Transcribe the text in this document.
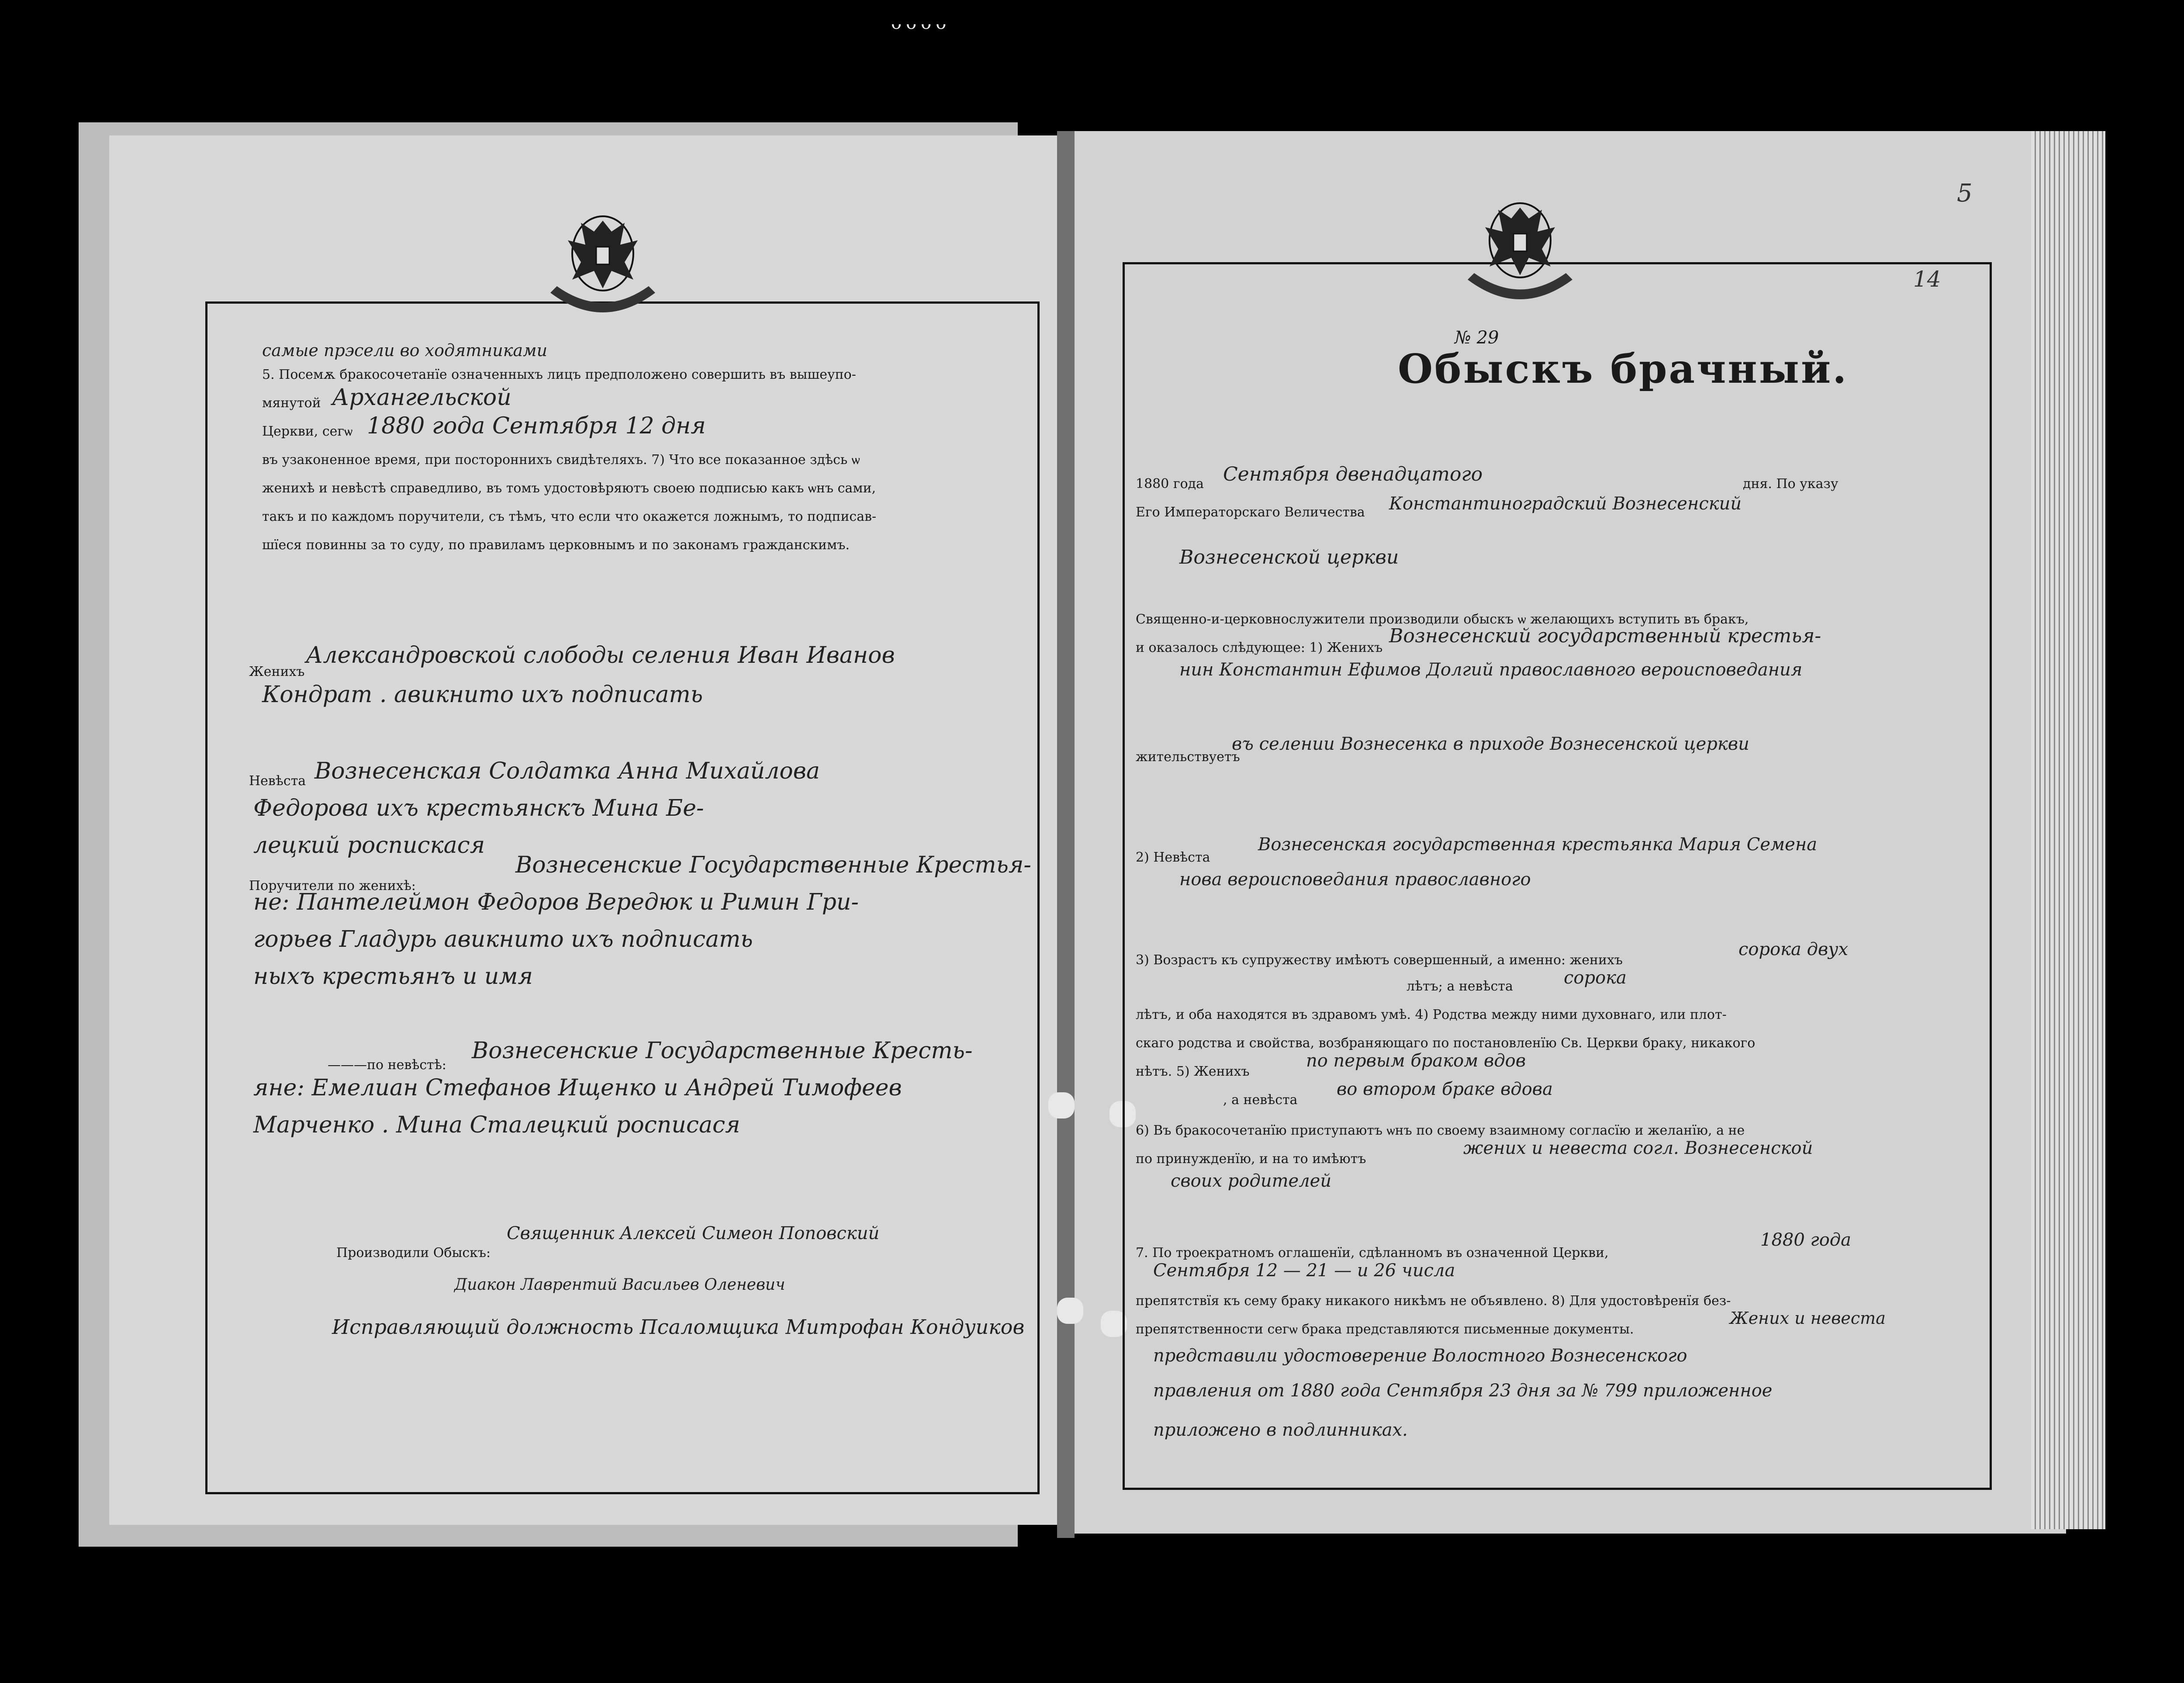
ᴗᴗᴗᴗ
самые прэсели во ходятниками
5. Посемѫ бракосочетанїе означенныхъ лицъ предположено совершить въ вышеупо-
мянутой Архангельской
Церкви, сегѡ 1880 года Сентября 12 дня
въ узаконенное время, при постороннихъ свидѣтеляхъ. 7) Что все показанное здѣсь ѡ
женихѣ и невѣстѣ справедливо, въ томъ удостовѣряютъ своею подписью какъ ѡнъ сами,
такъ и по каждомъ поручители, съ тѣмъ, что если что окажется ложнымъ, то подписав-
шїеся повинны за то суду, по правиламъ церковнымъ и по законамъ гражданскимъ.
Женихъ
Александровской слободы селения Иван Иванов
Кондрат . авикнито ихъ подписать
Невѣста Вознесенская Солдатка Анна Михайлова
Федорова ихъ крестьянскъ Мина Бе-
лецкий роспискася
Поручители по женихѣ:
Вознесенские Государственные Крестья-
не: Пантелеймон Федоров Вередюк и Римин Гри-
горьев Гладурь авикнито ихъ подписать
ныхъ крестьянъ и имя
———по невѣстѣ:
Вознесенские Государственные Кресть-
яне: Емелиан Стефанов Ищенко и Андрей Тимофеев
Марченко . Мина Сталецкий росписася
Производили Обыскъ:
Священник Алексей Симеон Поповский
Диакон Лаврентий Васильев Оленевич
Исправляющий должность Псаломщика Митрофан Кондуиков
5
14
№ 29
Обыскъ брачный.
1880 года Сентября двенадцатого	дня. По указу
Его Императорскаго Величества Константиноградский Вознесенский
Вознесенской церкви
Священно-и-церковнослужители производили обыскъ ѡ желающихъ вступить въ бракъ,
и оказалось слѣдующее: 1) Женихъ
Вознесенский государственный крестья-
нин Константин Ефимов Долгий православного вероисповедания
жительствуетъ
въ селении Вознесенка в приходе Вознесенской церкви
2) Невѣста
Вознесенская государственная крестьянка Мария Семена
нова вероисповедания православного
3) Возрастъ къ супружеству имѣютъ совершенный, а именно: женихъ
сорока двух
лѣтъ; а невѣста	сорока
лѣтъ, и оба находятся въ здравомъ умѣ. 4) Родства между ними духовнаго, или плот-
скаго родства и свойства, возбраняющаго по постановленїю Св. Церкви браку, никакого
нѣтъ. 5) Женихъ
по первым браком вдов
, а невѣста
во втором браке вдова
6) Въ бракосочетанїю приступаютъ ѡнъ по своему взаимному согласїю и желанїю, а не
по принужденїю, и на то имѣютъ
жених и невеста согл. Вознесенской
своих родителей
7. По троекратномъ оглашенїи, сдѣланномъ въ означенной Церкви,
1880 года
Сентября 12 — 21 — и 26 числа
препятствїя къ сему браку никакого никѣмъ не объявлено. 8) Для удостовѣренїя без-
препятственности сегѡ брака представляются письменные документы.
Жених и невеста
представили удостоверение Волостного Вознесенского
правления от 1880 года Сентября 23 дня за № 799 приложенное
приложено в подлинниках.
